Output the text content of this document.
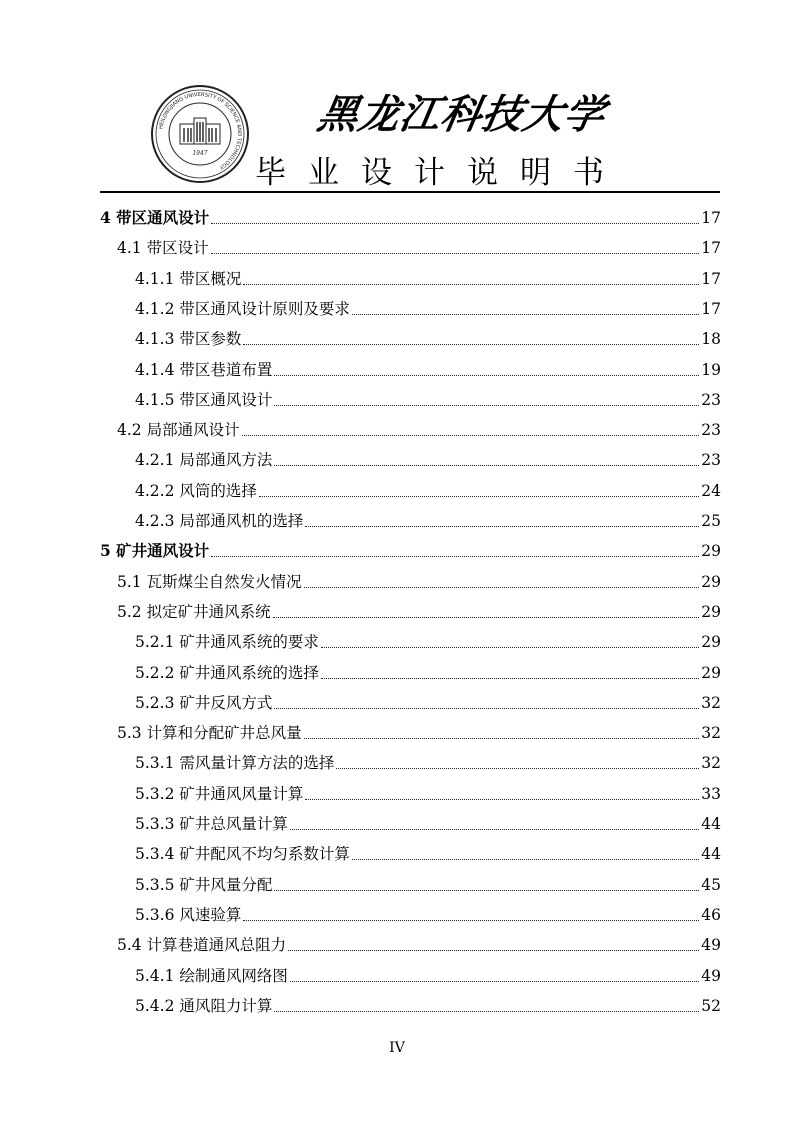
HEILONGJIANG UNIVERSITY OF SCIENCE AND TECHNOLOGY
1947
黑龙江科技大学
毕业设计说明书
4 带区通风设计	17
4.1 带区设计	17
4.1.1 带区概况	17
4.1.2 带区通风设计原则及要求	17
4.1.3 带区参数	18
4.1.4 带区巷道布置	19
4.1.5 带区通风设计	23
4.2 局部通风设计	23
4.2.1 局部通风方法	23
4.2.2 风筒的选择	24
4.2.3 局部通风机的选择	25
5 矿井通风设计	29
5.1 瓦斯煤尘自然发火情况	29
5.2 拟定矿井通风系统	29
5.2.1 矿井通风系统的要求	29
5.2.2 矿井通风系统的选择	29
5.2.3 矿井反风方式	32
5.3 计算和分配矿井总风量	32
5.3.1 需风量计算方法的选择	32
5.3.2 矿井通风风量计算	33
5.3.3 矿井总风量计算	44
5.3.4 矿井配风不均匀系数计算	44
5.3.5 矿井风量分配	45
5.3.6 风速验算	46
5.4 计算巷道通风总阻力	49
5.4.1 绘制通风网络图	49
5.4.2 通风阻力计算	52
IV
